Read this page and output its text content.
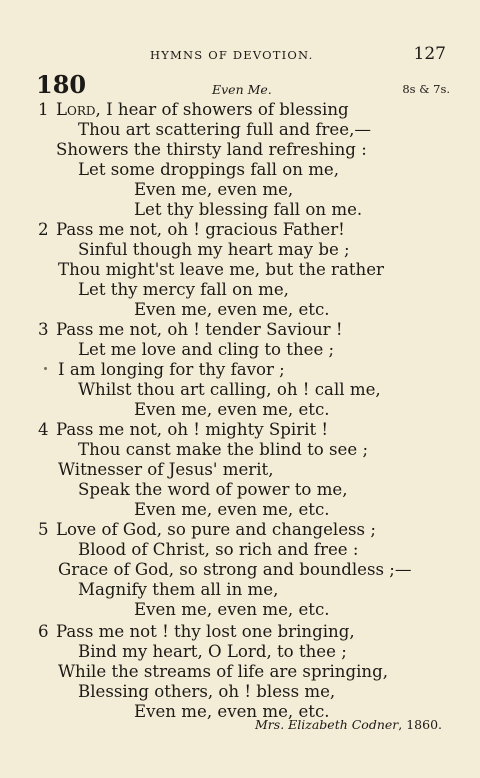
HYMNS OF DEVOTION.	127
180	Even Me.	8s & 7s.
1 Lord, I hear of showers of blessing
Thou art scattering full and free,—
Showers the thirsty land refreshing :
Let some droppings fall on me,
Even me, even me,
Let thy blessing fall on me.
2 Pass me not, oh ! gracious Father!
Sinful though my heart may be ;
Thou might'st leave me, but the rather
Let thy mercy fall on me,
Even me, even me, etc.
3 Pass me not, oh ! tender Saviour !
Let me love and cling to thee ;
I am longing for thy favor ;
Whilst thou art calling, oh ! call me,
Even me, even me, etc.
4 Pass me not, oh ! mighty Spirit !
Thou canst make the blind to see ;
Witnesser of Jesus' merit,
Speak the word of power to me,
Even me, even me, etc.
5 Love of God, so pure and changeless ;
Blood of Christ, so rich and free :
Grace of God, so strong and boundless ;—
Magnify them all in me,
Even me, even me, etc.
6 Pass me not ! thy lost one bringing,
Bind my heart, O Lord, to thee ;
While the streams of life are springing,
Blessing others, oh ! bless me,
Even me, even me, etc.
Mrs. Elizabeth Codner, 1860.
